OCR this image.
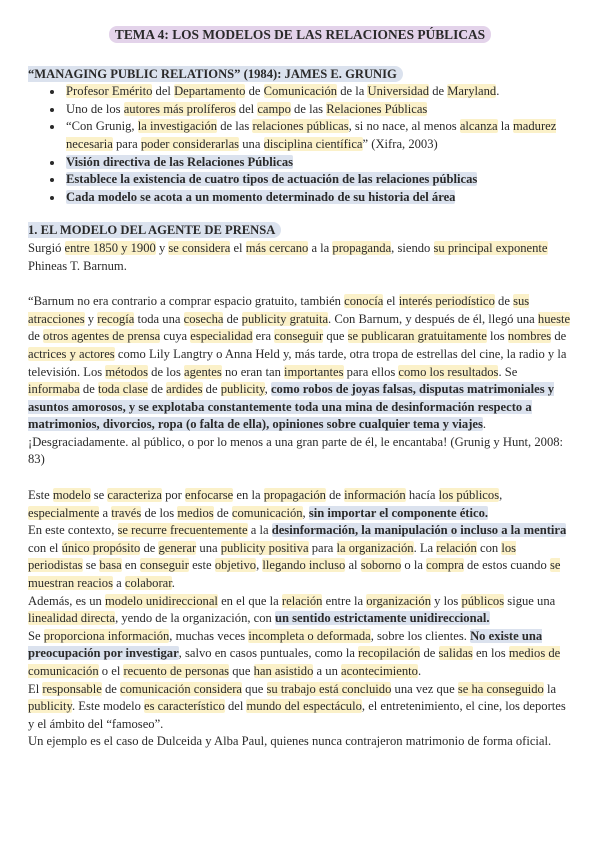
TEMA 4: LOS MODELOS DE LAS RELACIONES PÚBLICAS
“MANAGING PUBLIC RELATIONS” (1984): JAMES E. GRUNIG
• Profesor Emérito del Departamento de Comunicación de la Universidad de Maryland.
• Uno de los autores más prolíferos del campo de las Relaciones Públicas
• “Con Grunig, la investigación de las relaciones públicas, si no nace, al menos alcanza la madurez necesaria para poder considerarlas una disciplina científica” (Xifra, 2003)
• Visión directiva de las Relaciones Públicas
• Establece la existencia de cuatro tipos de actuación de las relaciones públicas
• Cada modelo se acota a un momento determinado de su historia del área
1. EL MODELO DEL AGENTE DE PRENSA

Surgió entre 1850 y 1900 y se considera el más cercano a la propaganda, siendo su principal exponente Phineas T. Barnum.

“Barnum no era contrario a comprar espacio gratuito, también conocía el interés periodístico de sus atracciones y recogía toda una cosecha de publicity gratuita. Con Barnum, y después de él, llegó una hueste de otros agentes de prensa cuya especialidad era conseguir que se publicaran gratuitamente los nombres de actrices y actores como Lily Langtry o Anna Held y, más tarde, otra tropa de estrellas del cine, la radio y la televisión. Los métodos de los agentes no eran tan importantes para ellos como los resultados. Se informaba de toda clase de ardides de publicity, como robos de joyas falsas, disputas matrimoniales y asuntos amorosos, y se explotaba constantemente toda una mina de desinformación respecto a matrimonios, divorcios, ropa (o falta de ella), opiniones sobre cualquier tema y viajes. ¡Desgraciadamente. al público, o por lo menos a una gran parte de él, le encantaba! (Grunig y Hunt, 2008: 83)

Este modelo se caracteriza por enfocarse en la propagación de información hacía los públicos, especialmente a través de los medios de comunicación, sin importar el componente ético.
En este contexto, se recurre frecuentemente a la desinformación, la manipulación o incluso a la mentira con el único propósito de generar una publicity positiva para la organización. La relación con los periodistas se basa en conseguir este objetivo, llegando incluso al soborno o la compra de estos cuando se muestran reacios a colaborar.
Además, es un modelo unidireccional en el que la relación entre la organización y los públicos sigue una linealidad directa, yendo de la organización, con un sentido estrictamente unidireccional.
Se proporciona información, muchas veces incompleta o deformada, sobre los clientes. No existe una preocupación por investigar, salvo en casos puntuales, como la recopilación de salidas en los medios de comunicación o el recuento de personas que han asistido a un acontecimiento.
El responsable de comunicación considera que su trabajo está concluido una vez que se ha conseguido la publicity. Este modelo es característico del mundo del espectáculo, el entretenimiento, el cine, los deportes y el ámbito del “famoseo”.
Un ejemplo es el caso de Dulceida y Alba Paul, quienes nunca contrajeron matrimonio de forma oficial.
